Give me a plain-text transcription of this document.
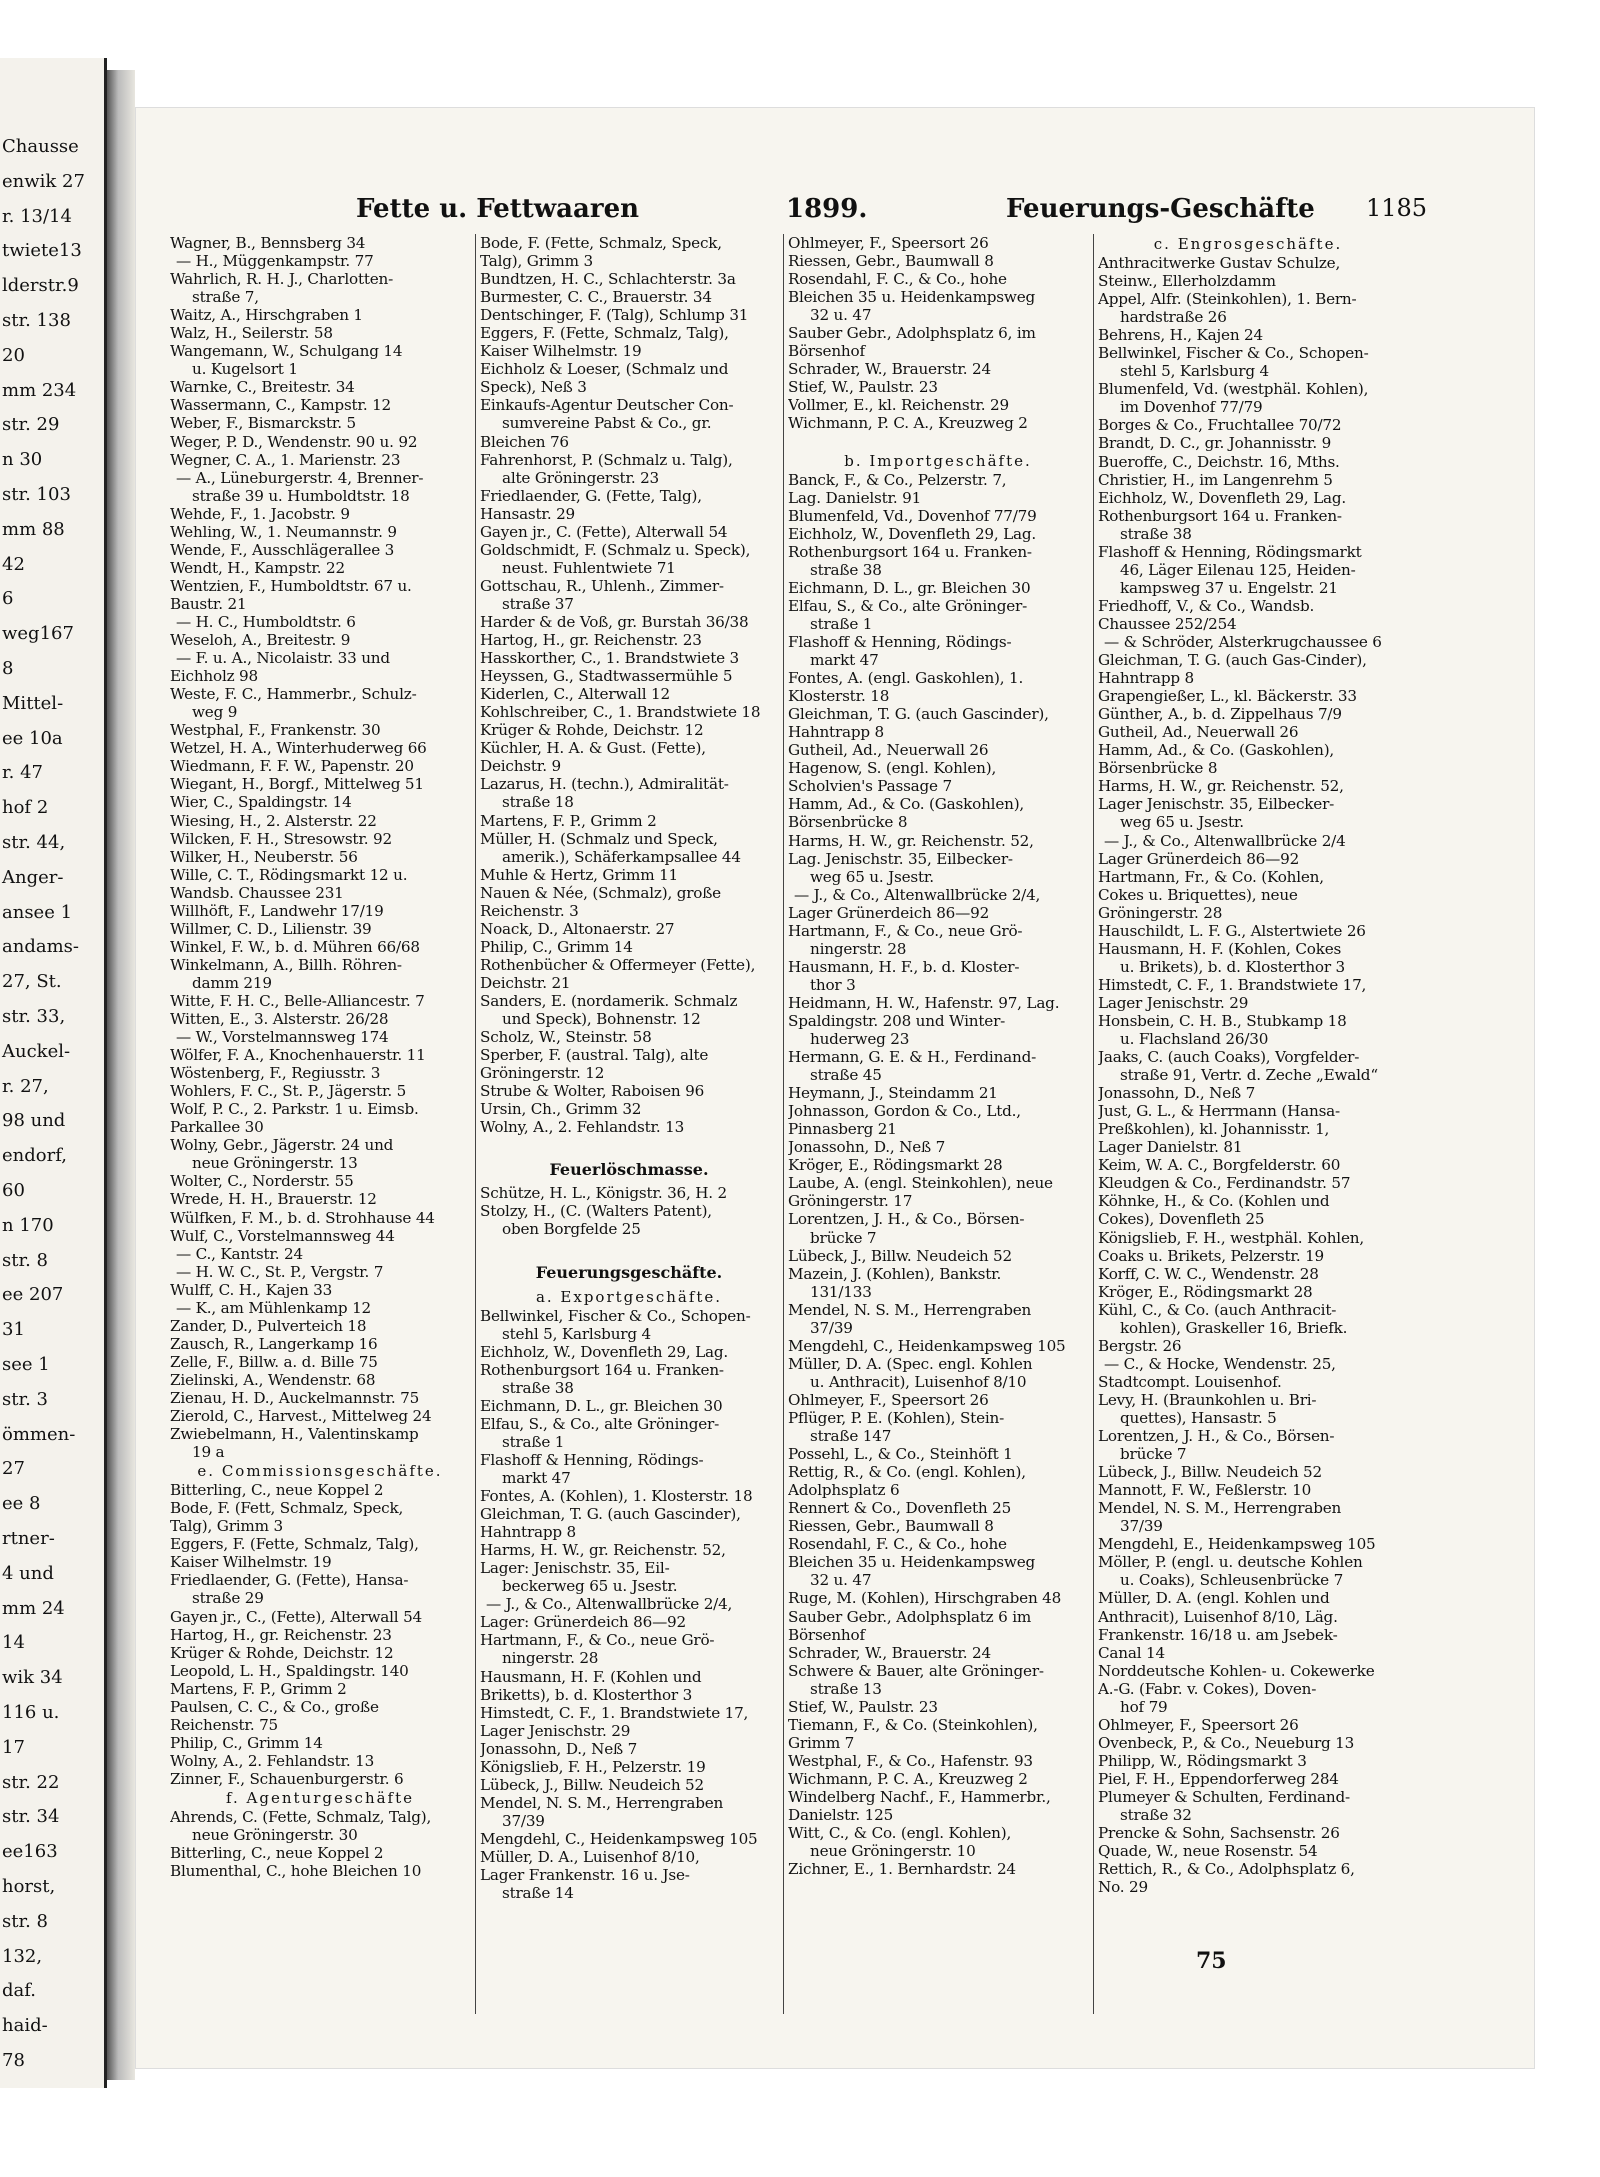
Chausse
enwik 27
r. 13/14
twiete13
lderstr.9
str. 138
20
mm 234
str. 29
n 30
str. 103
mm 88
42
6
weg167
8
Mittel-
ee 10a
r. 47
hof 2
str. 44,
Anger-
ansee 1
andams-
27, St.
str. 33,
Auckel-
r. 27,
98 und
endorf,
60
n 170
str. 8
ee 207
31
see 1
str. 3
ömmen-
27
ee 8
rtner-
4 und
mm 24
14
wik 34
116 u.
17
str. 22
str. 34
ee163
horst,
str. 8
132,
daf.
haid-
78
Fette u. Fettwaaren	1899.	Feuerungs-Geschäfte 1185
Wagner, B., Bennsberg 34
— H., Müggenkampstr. 77
Wahrlich, R. H. J., Charlotten-
straße 7,
Waitz, A., Hirschgraben 1
Walz, H., Seilerstr. 58
Wangemann, W., Schulgang 14
u. Kugelsort 1
Warnke, C., Breitestr. 34
Wassermann, C., Kampstr. 12
Weber, F., Bismarckstr. 5
Weger, P. D., Wendenstr. 90 u. 92
Wegner, C. A., 1. Marienstr. 23
— A., Lüneburgerstr. 4, Brenner-
straße 39 u. Humboldtstr. 18
Wehde, F., 1. Jacobstr. 9
Wehling, W., 1. Neumannstr. 9
Wende, F., Ausschlägerallee 3
Wendt, H., Kampstr. 22
Wentzien, F., Humboldtstr. 67 u.
Baustr. 21
— H. C., Humboldtstr. 6
Weseloh, A., Breitestr. 9
— F. u. A., Nicolaistr. 33 und
Eichholz 98
Weste, F. C., Hammerbr., Schulz-
weg 9
Westphal, F., Frankenstr. 30
Wetzel, H. A., Winterhuderweg 66
Wiedmann, F. F. W., Papenstr. 20
Wiegant, H., Borgf., Mittelweg 51
Wier, C., Spaldingstr. 14
Wiesing, H., 2. Alsterstr. 22
Wilcken, F. H., Stresowstr. 92
Wilker, H., Neuberstr. 56
Wille, C. T., Rödingsmarkt 12 u.
Wandsb. Chaussee 231
Willhöft, F., Landwehr 17/19
Willmer, C. D., Lilienstr. 39
Winkel, F. W., b. d. Mühren 66/68
Winkelmann, A., Billh. Röhren-
damm 219
Witte, F. H. C., Belle-Alliancestr. 7
Witten, E., 3. Alsterstr. 26/28
— W., Vorstelmannsweg 174
Wölfer, F. A., Knochenhauerstr. 11
Wöstenberg, F., Regiusstr. 3
Wohlers, F. C., St. P., Jägerstr. 5
Wolf, P. C., 2. Parkstr. 1 u. Eimsb.
Parkallee 30
Wolny, Gebr., Jägerstr. 24 und
neue Gröningerstr. 13
Wolter, C., Norderstr. 55
Wrede, H. H., Brauerstr. 12
Wülfken, F. M., b. d. Strohhause 44
Wulf, C., Vorstelmannsweg 44
— C., Kantstr. 24
— H. W. C., St. P., Vergstr. 7
Wulff, C. H., Kajen 33
— K., am Mühlenkamp 12
Zander, D., Pulverteich 18
Zausch, R., Langerkamp 16
Zelle, F., Billw. a. d. Bille 75
Zielinski, A., Wendenstr. 68
Zienau, H. D., Auckelmannstr. 75
Zierold, C., Harvest., Mittelweg 24
Zwiebelmann, H., Valentinskamp
19 a
e. Commissionsgeschäfte.
Bitterling, C., neue Koppel 2
Bode, F. (Fett, Schmalz, Speck,
Talg), Grimm 3
Eggers, F. (Fette, Schmalz, Talg),
Kaiser Wilhelmstr. 19
Friedlaender, G. (Fette), Hansa-
straße 29
Gayen jr., C., (Fette), Alterwall 54
Hartog, H., gr. Reichenstr. 23
Krüger & Rohde, Deichstr. 12
Leopold, L. H., Spaldingstr. 140
Martens, F. P., Grimm 2
Paulsen, C. C., & Co., große
Reichenstr. 75
Philip, C., Grimm 14
Wolny, A., 2. Fehlandstr. 13
Zinner, F., Schauenburgerstr. 6
f. Agenturgeschäfte
Ahrends, C. (Fette, Schmalz, Talg),
neue Gröningerstr. 30
Bitterling, C., neue Koppel 2
Blumenthal, C., hohe Bleichen 10
Bode, F. (Fette, Schmalz, Speck,
Talg), Grimm 3
Bundtzen, H. C., Schlachterstr. 3a
Burmester, C. C., Brauerstr. 34
Dentschinger, F. (Talg), Schlump 31
Eggers, F. (Fette, Schmalz, Talg),
Kaiser Wilhelmstr. 19
Eichholz & Loeser, (Schmalz und
Speck), Neß 3
Einkaufs-Agentur Deutscher Con-
sumvereine Pabst & Co., gr.
Bleichen 76
Fahrenhorst, P. (Schmalz u. Talg),
alte Gröningerstr. 23
Friedlaender, G. (Fette, Talg),
Hansastr. 29
Gayen jr., C. (Fette), Alterwall 54
Goldschmidt, F. (Schmalz u. Speck),
neust. Fuhlentwiete 71
Gottschau, R., Uhlenh., Zimmer-
straße 37
Harder & de Voß, gr. Burstah 36/38
Hartog, H., gr. Reichenstr. 23
Hasskorther, C., 1. Brandstwiete 3
Heyssen, G., Stadtwassermühle 5
Kiderlen, C., Alterwall 12
Kohlschreiber, C., 1. Brandstwiete 18
Krüger & Rohde, Deichstr. 12
Küchler, H. A. & Gust. (Fette),
Deichstr. 9
Lazarus, H. (techn.), Admiralität-
straße 18
Martens, F. P., Grimm 2
Müller, H. (Schmalz und Speck,
amerik.), Schäferkampsallee 44
Muhle & Hertz, Grimm 11
Nauen & Née, (Schmalz), große
Reichenstr. 3
Noack, D., Altonaerstr. 27
Philip, C., Grimm 14
Rothenbücher & Offermeyer (Fette),
Deichstr. 21
Sanders, E. (nordamerik. Schmalz
und Speck), Bohnenstr. 12
Scholz, W., Steinstr. 58
Sperber, F. (austral. Talg), alte
Gröningerstr. 12
Strube & Wolter, Raboisen 96
Ursin, Ch., Grimm 32
Wolny, A., 2. Fehlandstr. 13

Feuerlöschmasse.
Schütze, H. L., Königstr. 36, H. 2
Stolzy, H., (C. (Walters Patent),
oben Borgfelde 25

Feuerungsgeschäfte.
a. Exportgeschäfte.
Bellwinkel, Fischer & Co., Schopen-
stehl 5, Karlsburg 4
Eichholz, W., Dovenfleth 29, Lag.
Rothenburgsort 164 u. Franken-
straße 38
Eichmann, D. L., gr. Bleichen 30
Elfau, S., & Co., alte Gröninger-
straße 1
Flashoff & Henning, Rödings-
markt 47
Fontes, A. (Kohlen), 1. Klosterstr. 18
Gleichman, T. G. (auch Gascinder),
Hahntrapp 8
Harms, H. W., gr. Reichenstr. 52,
Lager: Jenischstr. 35, Eil-
beckerweg 65 u. Jsestr.
— J., & Co., Altenwallbrücke 2/4,
Lager: Grünerdeich 86—92
Hartmann, F., & Co., neue Grö-
ningerstr. 28
Hausmann, H. F. (Kohlen und
Briketts), b. d. Klosterthor 3
Himstedt, C. F., 1. Brandstwiete 17,
Lager Jenischstr. 29
Jonassohn, D., Neß 7
Königslieb, F. H., Pelzerstr. 19
Lübeck, J., Billw. Neudeich 52
Mendel, N. S. M., Herrengraben
37/39
Mengdehl, C., Heidenkampsweg 105
Müller, D. A., Luisenhof 8/10,
Lager Frankenstr. 16 u. Jse-
straße 14
Ohlmeyer, F., Speersort 26
Riessen, Gebr., Baumwall 8
Rosendahl, F. C., & Co., hohe
Bleichen 35 u. Heidenkampsweg
32 u. 47
Sauber Gebr., Adolphsplatz 6, im
Börsenhof
Schrader, W., Brauerstr. 24
Stief, W., Paulstr. 23
Vollmer, E., kl. Reichenstr. 29
Wichmann, P. C. A., Kreuzweg 2

b. Importgeschäfte.
Banck, F., & Co., Pelzerstr. 7,
Lag. Danielstr. 91
Blumenfeld, Vd., Dovenhof 77/79
Eichholz, W., Dovenfleth 29, Lag.
Rothenburgsort 164 u. Franken-
straße 38
Eichmann, D. L., gr. Bleichen 30
Elfau, S., & Co., alte Gröninger-
straße 1
Flashoff & Henning, Rödings-
markt 47
Fontes, A. (engl. Gaskohlen), 1.
Klosterstr. 18
Gleichman, T. G. (auch Gascinder),
Hahntrapp 8
Gutheil, Ad., Neuerwall 26
Hagenow, S. (engl. Kohlen),
Scholvien's Passage 7
Hamm, Ad., & Co. (Gaskohlen),
Börsenbrücke 8
Harms, H. W., gr. Reichenstr. 52,
Lag. Jenischstr. 35, Eilbecker-
weg 65 u. Jsestr.
— J., & Co., Altenwallbrücke 2/4,
Lager Grünerdeich 86—92
Hartmann, F., & Co., neue Grö-
ningerstr. 28
Hausmann, H. F., b. d. Kloster-
thor 3
Heidmann, H. W., Hafenstr. 97, Lag.
Spaldingstr. 208 und Winter-
huderweg 23
Hermann, G. E. & H., Ferdinand-
straße 45
Heymann, J., Steindamm 21
Johnasson, Gordon & Co., Ltd.,
Pinnasberg 21
Jonassohn, D., Neß 7
Kröger, E., Rödingsmarkt 28
Laube, A. (engl. Steinkohlen), neue
Gröningerstr. 17
Lorentzen, J. H., & Co., Börsen-
brücke 7
Lübeck, J., Billw. Neudeich 52
Mazein, J. (Kohlen), Bankstr.
131/133
Mendel, N. S. M., Herrengraben
37/39
Mengdehl, C., Heidenkampsweg 105
Müller, D. A. (Spec. engl. Kohlen
u. Anthracit), Luisenhof 8/10
Ohlmeyer, F., Speersort 26
Pflüger, P. E. (Kohlen), Stein-
straße 147
Possehl, L., & Co., Steinhöft 1
Rettig, R., & Co. (engl. Kohlen),
Adolphsplatz 6
Rennert & Co., Dovenfleth 25
Riessen, Gebr., Baumwall 8
Rosendahl, F. C., & Co., hohe
Bleichen 35 u. Heidenkampsweg
32 u. 47
Ruge, M. (Kohlen), Hirschgraben 48
Sauber Gebr., Adolphsplatz 6 im
Börsenhof
Schrader, W., Brauerstr. 24
Schwere & Bauer, alte Gröninger-
straße 13
Stief, W., Paulstr. 23
Tiemann, F., & Co. (Steinkohlen),
Grimm 7
Westphal, F., & Co., Hafenstr. 93
Wichmann, P. C. A., Kreuzweg 2
Windelberg Nachf., F., Hammerbr.,
Danielstr. 125
Witt, C., & Co. (engl. Kohlen),
neue Gröningerstr. 10
Zichner, E., 1. Bernhardstr. 24
c. Engrosgeschäfte.
Anthracitwerke Gustav Schulze,
Steinw., Ellerholzdamm
Appel, Alfr. (Steinkohlen), 1. Bern-
hardstraße 26
Behrens, H., Kajen 24
Bellwinkel, Fischer & Co., Schopen-
stehl 5, Karlsburg 4
Blumenfeld, Vd. (westphäl. Kohlen),
im Dovenhof 77/79
Borges & Co., Fruchtallee 70/72
Brandt, D. C., gr. Johannisstr. 9
Bueroffe, C., Deichstr. 16, Mths.
Christier, H., im Langenrehm 5
Eichholz, W., Dovenfleth 29, Lag.
Rothenburgsort 164 u. Franken-
straße 38
Flashoff & Henning, Rödingsmarkt
46, Läger Eilenau 125, Heiden-
kampsweg 37 u. Engelstr. 21
Friedhoff, V., & Co., Wandsb.
Chaussee 252/254
— & Schröder, Alsterkrugchaussee 6
Gleichman, T. G. (auch Gas-Cinder),
Hahntrapp 8
Grapengießer, L., kl. Bäckerstr. 33
Günther, A., b. d. Zippelhaus 7/9
Gutheil, Ad., Neuerwall 26
Hamm, Ad., & Co. (Gaskohlen),
Börsenbrücke 8
Harms, H. W., gr. Reichenstr. 52,
Lager Jenischstr. 35, Eilbecker-
weg 65 u. Jsestr.
— J., & Co., Altenwallbrücke 2/4
Lager Grünerdeich 86—92
Hartmann, Fr., & Co. (Kohlen,
Cokes u. Briquettes), neue
Gröningerstr. 28
Hauschildt, L. F. G., Alstertwiete 26
Hausmann, H. F. (Kohlen, Cokes
u. Brikets), b. d. Klosterthor 3
Himstedt, C. F., 1. Brandstwiete 17,
Lager Jenischstr. 29
Honsbein, C. H. B., Stubkamp 18
u. Flachsland 26/30
Jaaks, C. (auch Coaks), Vorgfelder-
straße 91, Vertr. d. Zeche „Ewald“
Jonassohn, D., Neß 7
Just, G. L., & Herrmann (Hansa-
Preßkohlen), kl. Johannisstr. 1,
Lager Danielstr. 81
Keim, W. A. C., Borgfelderstr. 60
Kleudgen & Co., Ferdinandstr. 57
Köhnke, H., & Co. (Kohlen und
Cokes), Dovenfleth 25
Königslieb, F. H., westphäl. Kohlen,
Coaks u. Brikets, Pelzerstr. 19
Korff, C. W. C., Wendenstr. 28
Kröger, E., Rödingsmarkt 28
Kühl, C., & Co. (auch Anthracit-
kohlen), Graskeller 16, Briefk.
Bergstr. 26
— C., & Hocke, Wendenstr. 25,
Stadtcompt. Louisenhof.
Levy, H. (Braunkohlen u. Bri-
quettes), Hansastr. 5
Lorentzen, J. H., & Co., Börsen-
brücke 7
Lübeck, J., Billw. Neudeich 52
Mannott, F. W., Feßlerstr. 10
Mendel, N. S. M., Herrengraben
37/39
Mengdehl, E., Heidenkampsweg 105
Möller, P. (engl. u. deutsche Kohlen
u. Coaks), Schleusenbrücke 7
Müller, D. A. (engl. Kohlen und
Anthracit), Luisenhof 8/10, Läg.
Frankenstr. 16/18 u. am Jsebek-
Canal 14
Norddeutsche Kohlen- u. Cokewerke
A.-G. (Fabr. v. Cokes), Doven-
hof 79
Ohlmeyer, F., Speersort 26
Ovenbeck, P., & Co., Neueburg 13
Philipp, W., Rödingsmarkt 3
Piel, F. H., Eppendorferweg 284
Plumeyer & Schulten, Ferdinand-
straße 32
Prencke & Sohn, Sachsenstr. 26
Quade, W., neue Rosenstr. 54
Rettich, R., & Co., Adolphsplatz 6,
No. 29
75
